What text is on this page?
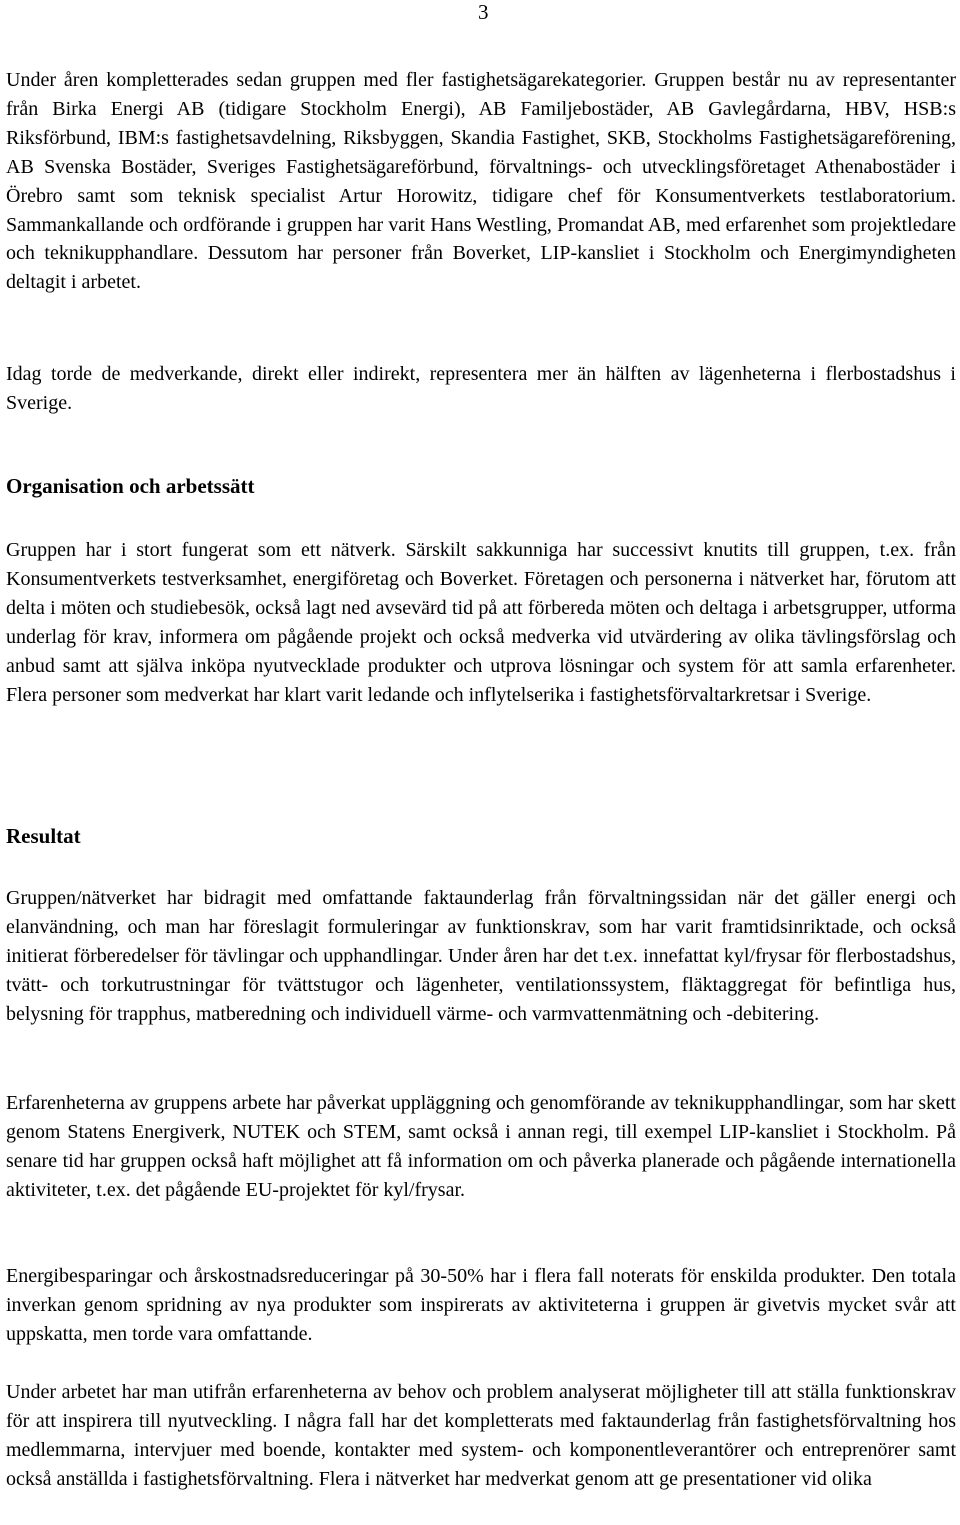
3

Under åren kompletterades sedan gruppen med fler fastighetsägarekategorier. Gruppen består nu av representanter från Birka Energi AB (tidigare Stockholm Energi), AB Familjebostäder, AB Gavlegårdarna, HBV, HSB:s Riksförbund, IBM:s fastighetsavdelning, Riksbyggen, Skandia Fastighet, SKB, Stockholms Fastighetsägareförening, AB Svenska Bostäder, Sveriges Fastighetsägareförbund, förvaltnings- och utvecklingsföretaget Athenabostäder i Örebro samt som teknisk specialist Artur Horowitz, tidigare chef för Konsumentverkets testlaboratorium. Sammankallande och ordförande i gruppen har varit Hans Westling, Promandat AB, med erfarenhet som projektledare och teknikupphandlare. Dessutom har personer från Boverket, LIP-kansliet i Stockholm och Energimyndigheten deltagit i arbetet.

Idag torde de medverkande, direkt eller indirekt, representera mer än hälften av lägenheterna i flerbostadshus i Sverige.

Organisation och arbetssätt

Gruppen har i stort fungerat som ett nätverk. Särskilt sakkunniga har successivt knutits till gruppen, t.ex. från Konsumentverkets testverksamhet, energiföretag och Boverket. Företagen och personerna i nätverket har, förutom att delta i möten och studiebesök, också lagt ned avsevärd tid på att förbereda möten och deltaga i arbetsgrupper, utforma underlag för krav, informera om pågående projekt och också medverka vid utvärdering av olika tävlingsförslag och anbud samt att själva inköpa nyutvecklade produkter och utprova lösningar och system för att samla erfarenheter. Flera personer som medverkat har klart varit ledande och inflytelserika i fastighetsförvaltarkretsar i Sverige.

Resultat

Gruppen/nätverket har bidragit med omfattande faktaunderlag från förvaltningssidan när det gäller energi och elanvändning, och man har föreslagit formuleringar av funktionskrav, som har varit framtidsinriktade, och också initierat förberedelser för tävlingar och upphandlingar. Under åren har det t.ex. innefattat kyl/frysar för flerbostadshus, tvätt- och torkutrustningar för tvättstugor och lägenheter, ventilationssystem, fläktaggregat för befintliga hus, belysning för trapphus, matberedning och individuell värme- och varmvattenmätning och -debitering.

Erfarenheterna av gruppens arbete har påverkat uppläggning och genomförande av teknikupphandlingar, som har skett genom Statens Energiverk, NUTEK och STEM, samt också i annan regi, till exempel LIP-kansliet i Stockholm. På senare tid har gruppen också haft möjlighet att få information om och påverka planerade och pågående internationella aktiviteter, t.ex. det pågående EU-projektet för kyl/frysar.

Energibesparingar och årskostnadsreduceringar på 30-50% har i flera fall noterats för enskilda produkter. Den totala inverkan genom spridning av nya produkter som inspirerats av aktiviteterna i gruppen är givetvis mycket svår att uppskatta, men torde vara omfattande.

Under arbetet har man utifrån erfarenheterna av behov och problem analyserat möjligheter till att ställa funktionskrav för att inspirera till nyutveckling. I några fall har det kompletterats med faktaunderlag från fastighetsförvaltning hos medlemmarna, intervjuer med boende, kontakter med system- och komponentleverantörer och entreprenörer samt också anställda i fastighetsförvaltning. Flera i nätverket har medverkat genom att ge presentationer vid olika
